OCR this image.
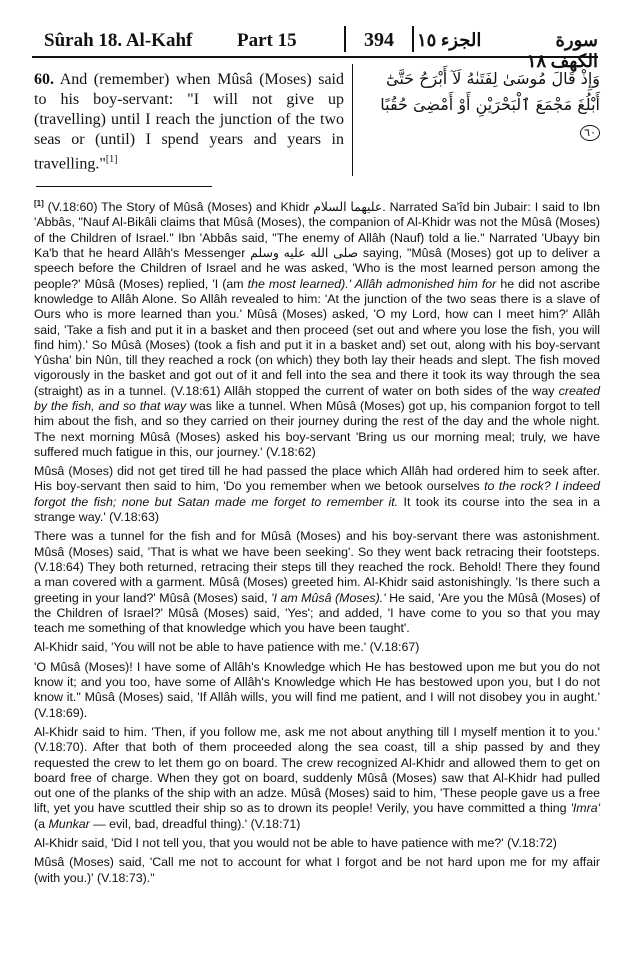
Sûrah 18. Al-Kahf Part 15	394	الجزء ١٥	سورة الكهف ١٨
60. And (remember) when Mûsâ (Moses) said to his boy-servant: "I will not give up (travelling) until I reach the junction of the two seas or (until) I spend years and years in travelling."[1]
وَإِذْ قَالَ مُوسَىٰ لِفَتَىٰهُ لَآ أَبْرَحُ حَتَّىٰٓ أَبْلُغَ مَجْمَعَ ٱلْبَحْرَيْنِ أَوْ أَمْضِىَ حُقُبًا ٦٠

[1] (V.18:60) The Story of Mûsâ (Moses) and Khidr عليهما السلام. Narrated Sa'îd bin Jubair: I said to Ibn 'Abbâs, "Nauf Al-Bikâli claims that Mûsâ (Moses), the companion of Al-Khidr was not the Mûsâ (Moses) of the Children of Israel." Ibn 'Abbâs said, "The enemy of Allâh (Nauf) told a lie." Narrated 'Ubayy bin Ka'b that he heard Allâh's Messenger صلى الله عليه وسلم saying, "Mûsâ (Moses) got up to deliver a speech before the Children of Israel and he was asked, 'Who is the most learned person among the people?' Mûsâ (Moses) replied, 'I (am the most learned).' Allâh admonished him for he did not ascribe knowledge to Allâh Alone. So Allâh revealed to him: 'At the junction of the two seas there is a slave of Ours who is more learned than you.' Mûsâ (Moses) asked, 'O my Lord, how can I meet him?' Allâh said, 'Take a fish and put it in a basket and then proceed (set out and where you lose the fish, you will find him).' So Mûsâ (Moses) (took a fish and put it in a basket and) set out, along with his boy-servant Yûsha' bin Nûn, till they reached a rock (on which) they both lay their heads and slept. The fish moved vigorously in the basket and got out of it and fell into the sea and there it took its way through the sea (straight) as in a tunnel. (V.18:61) Allâh stopped the current of water on both sides of the way created by the fish, and so that way was like a tunnel. When Mûsâ (Moses) got up, his companion forgot to tell him about the fish, and so they carried on their journey during the rest of the day and the whole night. The next morning Mûsâ (Moses) asked his boy-servant 'Bring us our morning meal; truly, we have suffered much fatigue in this, our journey.' (V.18:62)

Mûsâ (Moses) did not get tired till he had passed the place which Allâh had ordered him to seek after. His boy-servant then said to him, 'Do you remember when we betook ourselves to the rock? I indeed forgot the fish; none but Satan made me forget to remember it. It took its course into the sea in a strange way.' (V.18:63)

There was a tunnel for the fish and for Mûsâ (Moses) and his boy-servant there was astonishment. Mûsâ (Moses) said, 'That is what we have been seeking'. So they went back retracing their footsteps. (V.18:64) They both returned, retracing their steps till they reached the rock. Behold! There they found a man covered with a garment. Mûsâ (Moses) greeted him. Al-Khidr said astonishingly. 'Is there such a greeting in your land?' Mûsâ (Moses) said, 'I am Mûsâ (Moses).' He said, 'Are you the Mûsâ (Moses) of the Children of Israel?' Mûsâ (Moses) said, 'Yes'; and added, 'I have come to you so that you may teach me something of that knowledge which you have been taught'.

Al-Khidr said, 'You will not be able to have patience with me.' (V.18:67)

'O Mûsâ (Moses)! I have some of Allâh's Knowledge which He has bestowed upon me but you do not know it; and you too, have some of Allâh's Knowledge which He has bestowed upon you, but I do not know it." Mûsâ (Moses) said, 'If Allâh wills, you will find me patient, and I will not disobey you in aught.' (V.18:69).

Al-Khidr said to him. 'Then, if you follow me, ask me not about anything till I myself mention it to you.' (V.18:70). After that both of them proceeded along the sea coast, till a ship passed by and they requested the crew to let them go on board. The crew recognized Al-Khidr and allowed them to get on board free of charge. When they got on board, suddenly Mûsâ (Moses) saw that Al-Khidr had pulled out one of the planks of the ship with an adze. Mûsâ (Moses) said to him, 'These people gave us a free lift, yet you have scuttled their ship so as to drown its people! Verily, you have committed a thing 'Imra' (a Munkar — evil, bad, dreadful thing).' (V.18:71)

Al-Khidr said, 'Did I not tell you, that you would not be able to have patience with me?' (V.18:72)

Mûsâ (Moses) said, 'Call me not to account for what I forgot and be not hard upon me for my affair (with you.)' (V.18:73)."
